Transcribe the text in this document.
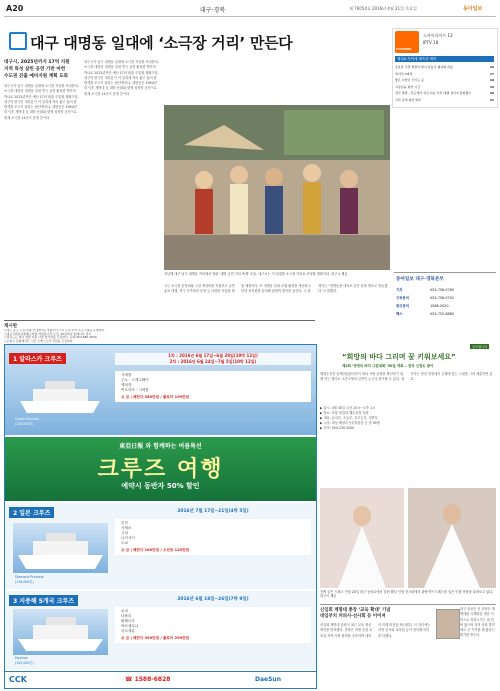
A20	대구·경북	제 76054호 2016년 4월 21일 목요일	동아일보
대구 대명동 일대에 ‘소극장 거리’ 만든다	CHANNEL
스카이라이프 13
IPTV 18
채널A 지역에 계속된 제목
조용한 국경 쌍끌이 딸이 삼동사 형님의 싸움	16
먹거리 X파일	17
좋은 사람이 모이는 곳	18
고장님을 위한 시간	19
전국 방방 - 목포에서 지금 다음 부산 대행 성이어 통합했으	20
고안 등에 의한 명부	21
대구시, 2025년까지 17억 지원
지역 특성 살린 공연 기반 마련
수도권 진출 예비지원 계획 도와
대구시가 남구 대명동 일대에 소극장 거리를 조성한다. 소극장 대학과 대명동 일대 연극 공연 활성화 방안의 하나로 2025년까지 예산 17억 원을 투입할 계획이다. 대구의 연극인 대부분이 이 일대에 자리 잡고 있어 관람객을 모으기 쉽다는 판단에서다. 대명동은 1990년대 이후 계명대 등 대학 문화와 함께 성장한 공간으로 현재 소극장 14곳이 운영 중이다.
대구시가 남구 대명동 일대에 소극장 거리를 조성한다. 소극장 대학과 대명동 일대 연극 공연 활성화 방안의 하나로 2025년까지 예산 17억 원을 투입할 계획이다. 대구의 연극인 대부분이 이 일대에 자리 잡고 있어 관람객을 모으기 쉽다는 판단에서다. 대명동은 1990년대 이후 계명대 등 대학 문화와 함께 성장한 공간으로 현재 소극장 14곳이 운영 중이다.
지난해 대구 남구 대명동 거리에서 열린 ‘대명 공연 거리 축제’ 모습. 대구시는 이 일대를 소극장 거리로 조성할 계획이다. 대구시 제공
시는 소극장 운영비와 시설 개선비를 지원하고 공연 홍보 대행, 연극 아카데미 운영 등 다양한 사업을 펼칠 예정이다. 또 대명동 일대 보행 환경을 개선하고 안내 표지판을 설치해 관람객 편의를 높인다. 시 관계자는 “대명동을 대학로 같은 문화 명소로 만들겠다”고 말했다.
동아일보 대구·경북본부
기자	053-756-0780
구독문의	053-756-0701
광고문의	1588-2020
팩스	053-752-8880
게시판
○대구 중구 도심 관광 안내센터는 5월부터 주말 도심 투어 프로그램을 운영한다.
○대구국제뮤지컬페스티벌 자원봉사자 모집. 25일까지 홈페이지 접수.
○경북도는 청년 창업 지원 사업 참가자를 모집한다. 문의 054-880-3000
○포항시 문화재단은 시민 오케스트라 단원을 모집한다.
1 알라스카 크루즈
1차 : 2016년 6월 17일~6월 28일(10박 12일)
2차 : 2016년 6월 24일~7월 5일(10박 12일)
Crown Princess
(116,000톤)
시애틀
주노 · 스캐그웨이
케치칸
빅토리아 · 시애틀
요 금 | 베란다 389만원 / 플로터 199만원
東亞日報 와 함께하는 여름특선
크루즈 여행
예약시 동반자 50% 할인
2 일본 크루즈	2016년 7월 17일~21일(4박 5일)
Diamond Princess
(116,000톤)
부산
사세보
고치
나가사키
도쿄
요 금 | 베란다 160만원 / 오션뷰 120만원
3 지중해 5개국 크루즈	2016년 6월 18일~26일(7박 9일)
Equinox
(122,000톤)
로마
나폴리
팔레르모
바르셀로나
마르세유
요 금 | 베란다 399만원 / 플로터 299만원
CCK	☎ 1588-6828	DaeSun
공모합니다
“희망의 바다 그리며 꿈 키워보세요”
제2회 ‘영영의 바다 그림대회’ 30일 개최… 전국 신청도 받아
해양수산부 동해어업관리단이 바다 사랑 문화를 확산하기 위해 여는 행사로 초중고생과 일반인 누구나 참가할 수 있다. 참가자는 당일 현장에서 주제에 맞는 그림을 그려 제출하면 된다.
▶ 일시: 4월 30일 오전 10시~오후 1시
▶ 장소: 포항 영일대 해수욕장 일원
▶ 대상: 유치부, 초등부, 중고등부, 일반부
▶ 시상: 대상 해양수산부장관상 등 총 95명
▶ 문의: 054-230-3000
진짜 같은 드레스 인형 20일 대구 동성로에서 열린 웨딩 인형 전시회에서 관람객이 드레스를 입은 인형 작품을 살펴보고 있다. 대구시 제공
신임회 계명대 총장 ‘교육 확대’ 기념
대임부치 커피사·선사회 등 이어져
신일희 계명대 총장이 최근 교육 혁신 방안을 발표했다. 총장은 학생 중심 교육과 지역 사회 협력을 강조하며 대학의 미래 비전을 제시했다. 이 자리에는 지역 인사와 교직원 등이 참석해 의미를 더했다.
대구 출신인 신 총장은 계명대를 국제화된 명문 사학으로 성장시키는 데 힘써 왔으며 지역 문화 발전에도 큰 기여를 해 왔다는 평가를 받는다.
